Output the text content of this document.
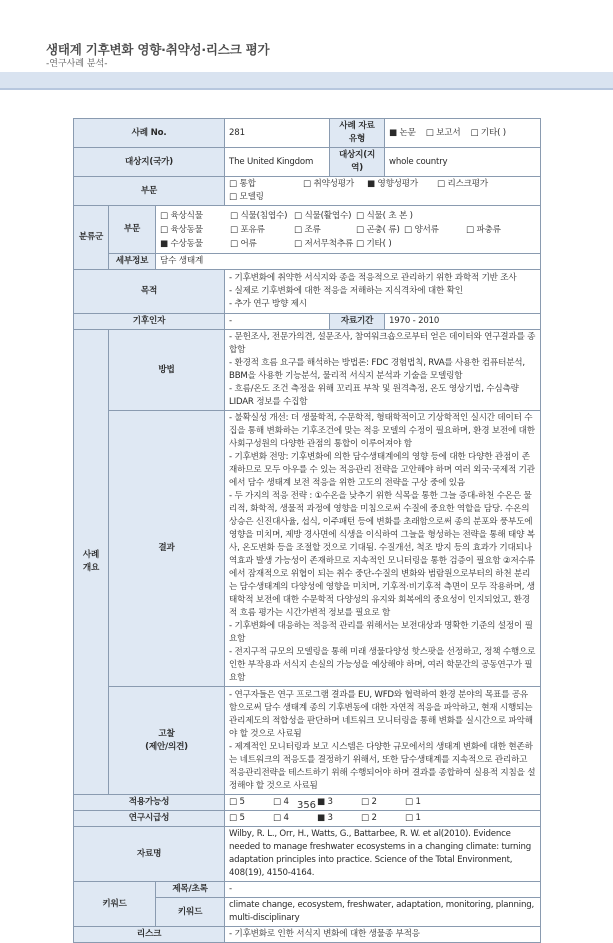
생태계 기후변화 영향·취약성·리스크 평가
-연구사례 분석-
사례 No.			281	사례 자료 유형	■ 논문 □ 보고서 □ 기타( )
대상지(국가)			The United Kingdom	대상지(지역)	whole country
부문			□ 통합 □ 취약성평가 ■ 영향성평가 □ 리스크평가□ 모델링		
분류군	부문	□ 육상식물 □ 식물(침엽수) □ 식물(활엽수) □ 식물( 초 본 )
□ 육상동물 □ 포유류 □ 조류 □ 곤충( 류) □ 양서류 □ 파충류
■ 수상동물 □ 어류 □ 저서무척추류 □ 기타( )			

	세부정보	담수 생태계			
목적			- 기후변화에 취약한 서식지와 종을 적응적으로 관리하기 위한 과학적 기반 조사
- 실제로 기후변화에 대한 적응을 저해하는 지식격차에 대한 확인
- 추가 연구 방향 제시		

기후인자			-	자료기간	1970 - 2010
사례 개요	방법		- 문헌조사, 전문가의견, 설문조사, 참여워크숍으로부터 얻은 데이터와 연구결과를 종합함
- 환경적 흐름 요구를 해석하는 방법론: FDC 경험법칙, RVA를 사용한 컴퓨터분석, BBM을 사용한 기능분석, 물리적 서식지 분석과 기술을 모델링함
- 흐름/온도 조건 측정을 위해 꼬리표 부착 및 원격측정, 온도 영상기법, 수심측량 LIDAR 정보를 수집함		

	결과		- 불확실성 개선: 더 생물학적, 수문학적, 형태학적이고 기상학적인 실시간 데이터 수집을 통해 변화하는 기후조건에 맞는 적응 모델의 수정이 필요하며, 환경 보전에 대한 사회구성원의 다양한 관점의 통합이 이루어져야 함
- 기후변화 전망: 기후변화에 의한 담수생태계에의 영향 등에 대한 다양한 관점이 존재하므로 모두 아우를 수 있는 적응관리 전략을 고안해야 하며 여러 외국·국제적 기관에서 담수 생태계 보전 적응을 위한 고도의 전략을 구상 중에 있음
- 두 가지의 적응 전략 : ①수온을 낮추기 위한 식목을 통한 그늘 증대-하천 수온은 물리적, 화학적, 생물적 과정에 영향을 미침으로써 수질에 중요한 역할을 담당. 수온의 상승은 신진대사율, 섭식, 이주패턴 등에 변화를 초래함으로써 종의 분포와 풍부도에 영향을 미치며, 제방 경사면에 식생을 이식하여 그늘을 형성하는 전략을 통해 태양 복사, 온도변화 등을 조절할 것으로 기대됨. 수질개선, 척조 방지 등의 효과가 기대되나 역효과 발생 가능성이 존재하므로 지속적인 모니터링을 통한 검증이 필요함 ②저수류에서 잠재적으로 위협이 되는 취수 중단-수질의 변화와 범람원으로부터의 하천 분리는 담수생태계의 다양성에 영향을 미치며, 기후적·비기후적 측면이 모두 작용하며, 생태학적 보전에 대한 수문학적 다양성의 유지와 회복에의 중요성이 인지되었고, 환경적 흐름 평가는 시간가변적 정보를 필요로 함
- 기후변화에 대응하는 적응적 관리를 위해서는 보전대상과 명확한 기준의 설정이 필요함
- 전지구적 규모의 모델링을 통해 미래 생물다양성 핫스팟을 선정하고, 정책 수행으로 인한 부작용과 서식지 손실의 가능성을 예상해야 하며, 여러 학문간의 공동연구가 필요함		

	고찰
(제안/의견)		- 연구자들은 연구 프로그램 결과를 EU, WFD와 협력하여 환경 분야의 목표를 공유함으로써 담수 생태계 종의 기후변동에 대한 자연적 적응을 파악하고, 현재 시행되는 관리제도의 적합성을 판단하며 네트워크 모니터링을 통해 변화를 실시간으로 파악해야 할 것으로 사료됨
- 제계적인 모니터링과 보고 시스템은 다양한 규모에서의 생태계 변화에 대한 현존하는 네트워크의 적응도를 결정하기 위해서, 또한 담수생태계를 지속적으로 관리하고 적응관리전략을 테스트하기 위해 수행되어야 하며 결과를 종합하여 실용적 지침을 설정해야 할 것으로 사료됨		

적용가능성			□ 5 □ 4 ■ 3 □ 2 □ 1		
연구시급성			□ 5 □ 4 ■ 3 □ 2 □ 1		
자료명			Wilby, R. L., Orr, H., Watts, G., Battarbee, R. W. et al(2010). Evidence needed to manage freshwater ecosystems in a changing climate: turning adaptation principles into practice. Science of the Total Environment, 408(19), 4150-4164.		
키워드		제목/초록	-		
		키워드	climate change, ecosystem, freshwater, adaptation, monitoring, planning, multi-disciplinary		
리스크			- 기후변화로 인한 서식지 변화에 대한 생물종 부적응		
356
